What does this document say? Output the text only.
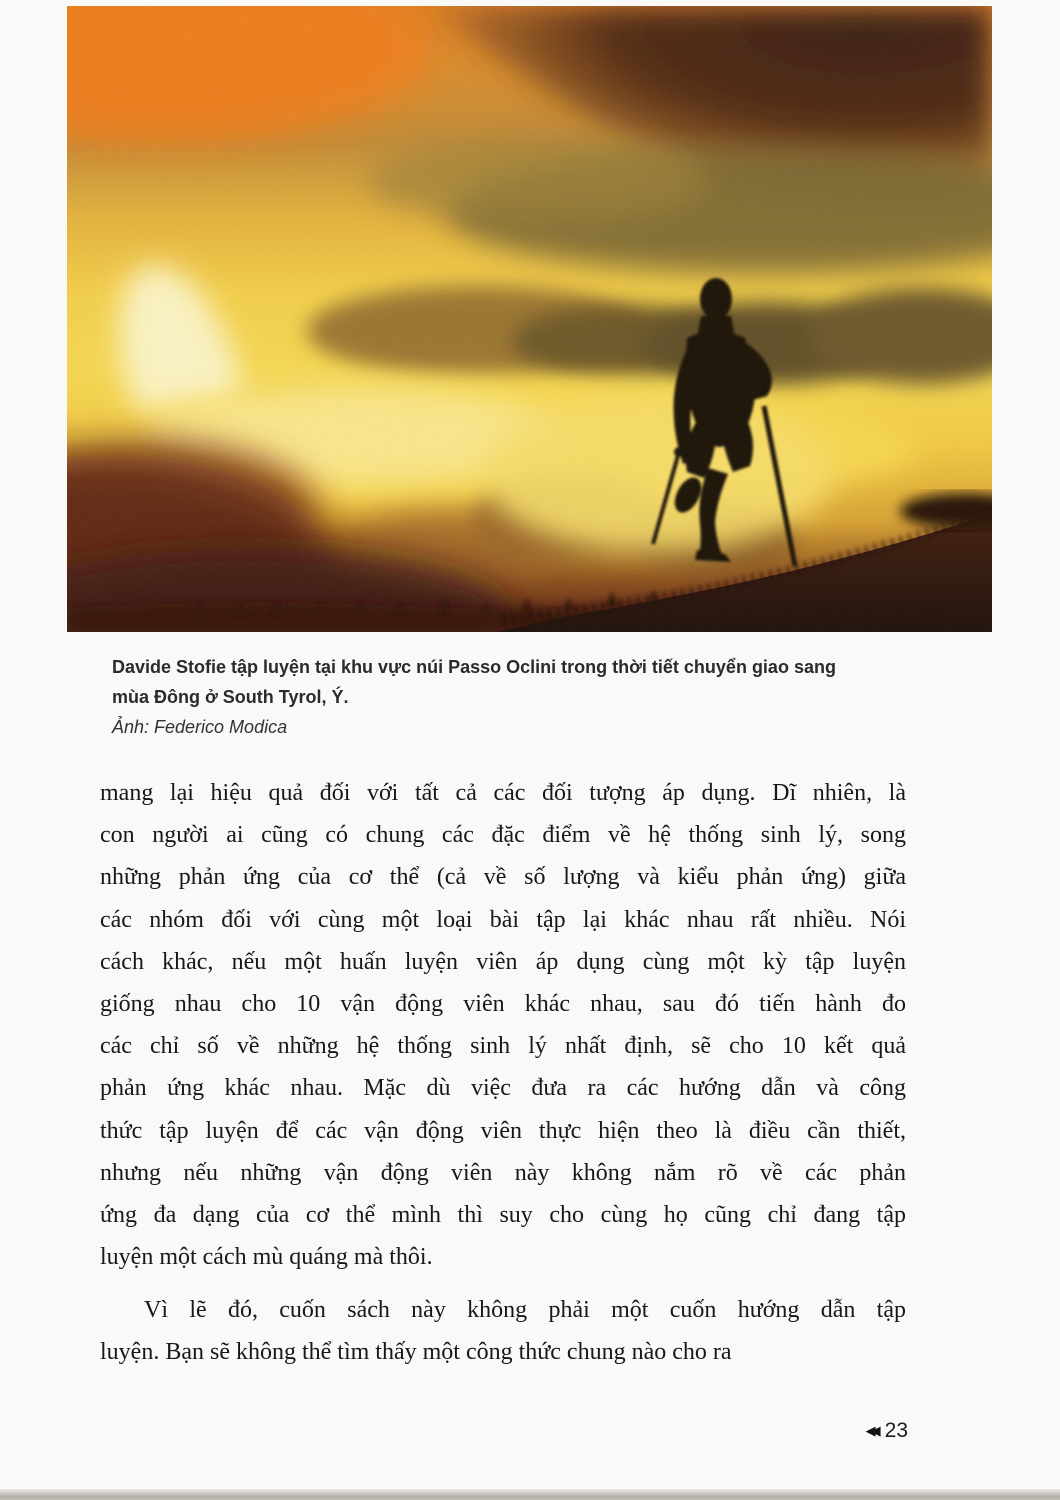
Davide Stofie tập luyện tại khu vực núi Passo Oclini trong thời tiết chuyển giao sang
mùa Đông ở South Tyrol, Ý.
Ảnh: Federico Modica
mang lại hiệu quả đối với tất cả các đối tượng áp dụng. Dĩ nhiên, là
con người ai cũng có chung các đặc điểm về hệ thống sinh lý, song
những phản ứng của cơ thể (cả về số lượng và kiểu phản ứng) giữa
các nhóm đối với cùng một loại bài tập lại khác nhau rất nhiều. Nói
cách khác, nếu một huấn luyện viên áp dụng cùng một kỳ tập luyện
giống nhau cho 10 vận động viên khác nhau, sau đó tiến hành đo
các chỉ số về những hệ thống sinh lý nhất định, sẽ cho 10 kết quả
phản ứng khác nhau. Mặc dù việc đưa ra các hướng dẫn và công
thức tập luyện để các vận động viên thực hiện theo là điều cần thiết,
nhưng nếu những vận động viên này không nắm rõ về các phản
ứng đa dạng của cơ thể mình thì suy cho cùng họ cũng chỉ đang tập
luyện một cách mù quáng mà thôi.
Vì lẽ đó, cuốn sách này không phải một cuốn hướng dẫn tập
luyện. Bạn sẽ không thể tìm thấy một công thức chung nào cho ra
◀◀ 23
